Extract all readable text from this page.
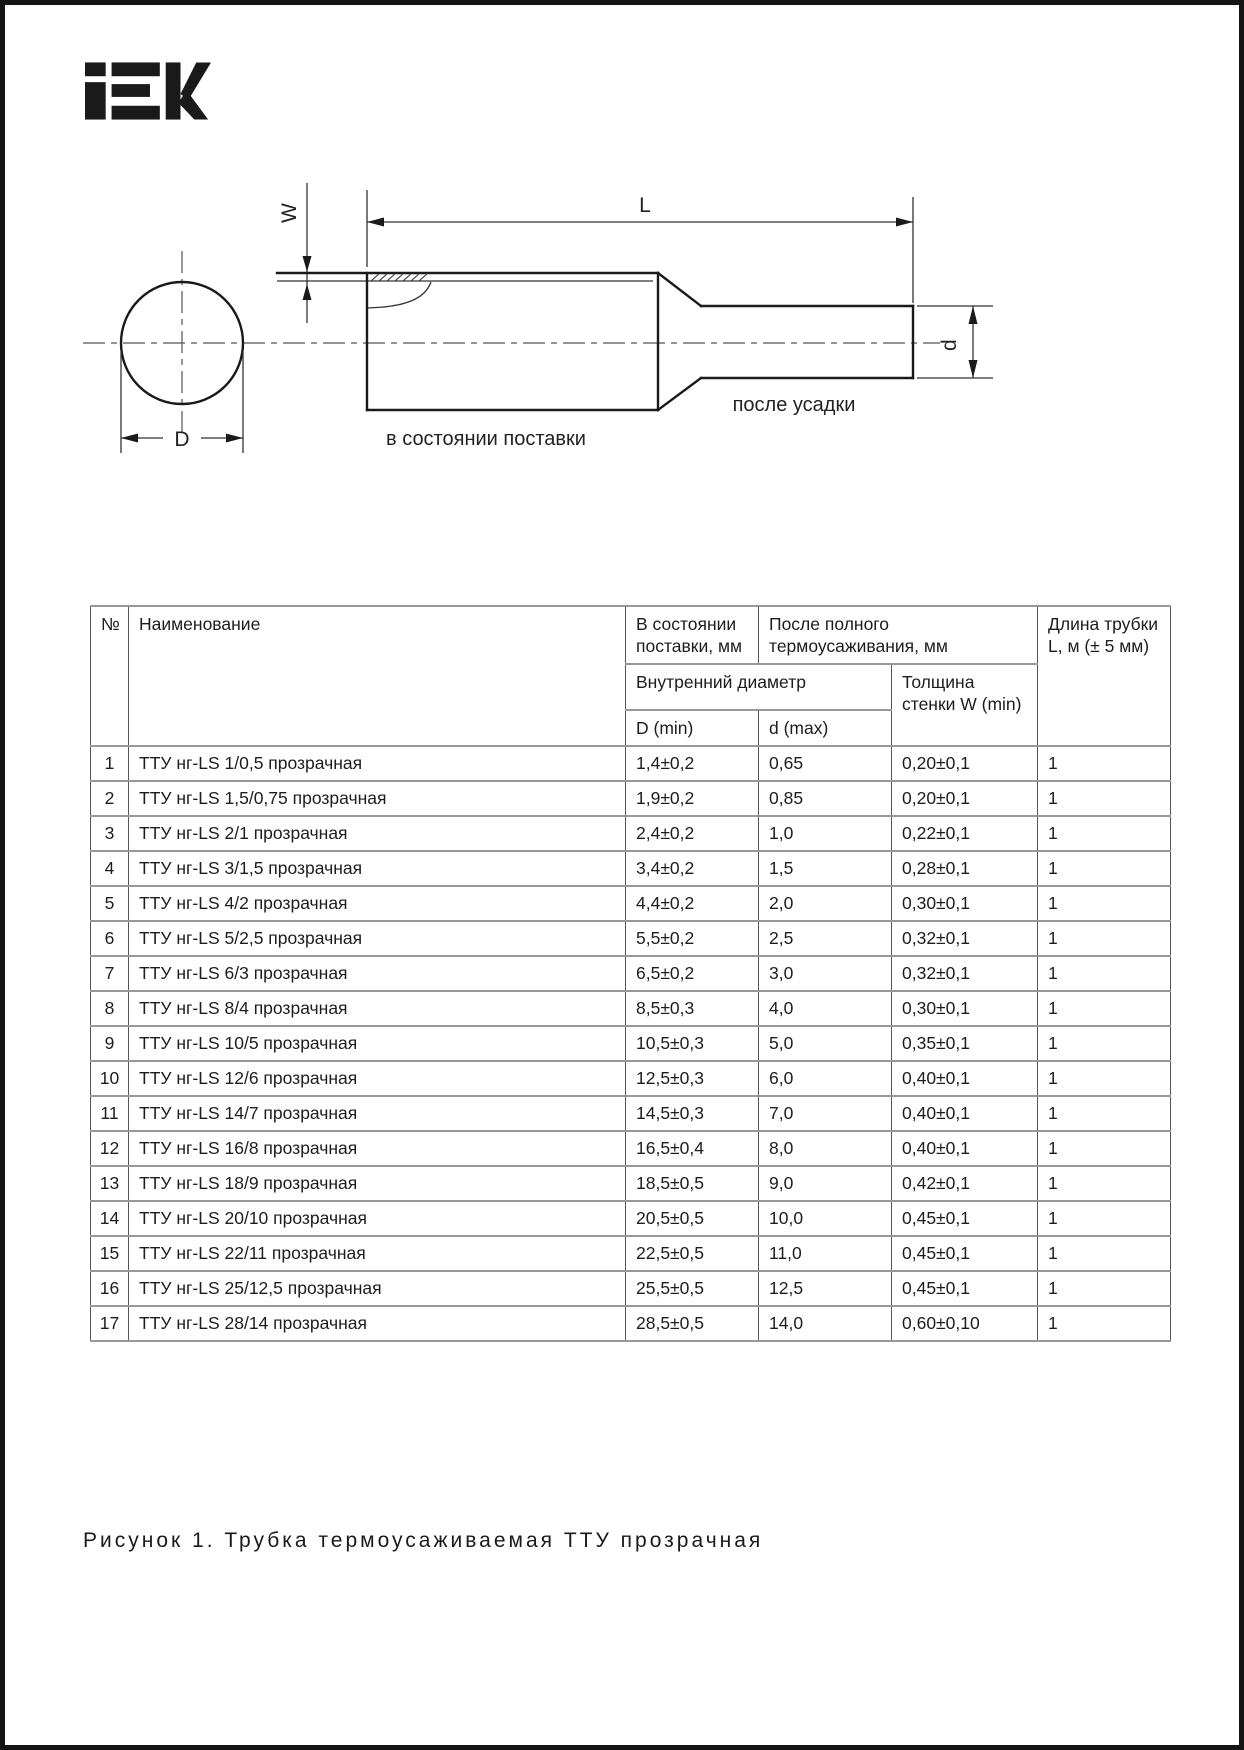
D
W	L
d
в состоянии поставки
после усадки
№	Наименование	В состоянии поставки, мм	После полного термоусаживания, мм		Длина трубки L, м (± 5 мм)
		Внутренний диаметр		Толщина стенки W (min)	
		D (min)	d (max)		
1	ТТУ нг-LS 1/0,5 прозрачная	1,4±0,2	0,65	0,20±0,1	1
2	ТТУ нг-LS 1,5/0,75 прозрачная	1,9±0,2	0,85	0,20±0,1	1
3	ТТУ нг-LS 2/1 прозрачная	2,4±0,2	1,0	0,22±0,1	1
4	ТТУ нг-LS 3/1,5 прозрачная	3,4±0,2	1,5	0,28±0,1	1
5	ТТУ нг-LS 4/2 прозрачная	4,4±0,2	2,0	0,30±0,1	1
6	ТТУ нг-LS 5/2,5 прозрачная	5,5±0,2	2,5	0,32±0,1	1
7	ТТУ нг-LS 6/3 прозрачная	6,5±0,2	3,0	0,32±0,1	1
8	ТТУ нг-LS 8/4 прозрачная	8,5±0,3	4,0	0,30±0,1	1
9	ТТУ нг-LS 10/5 прозрачная	10,5±0,3	5,0	0,35±0,1	1
10	ТТУ нг-LS 12/6 прозрачная	12,5±0,3	6,0	0,40±0,1	1
11	ТТУ нг-LS 14/7 прозрачная	14,5±0,3	7,0	0,40±0,1	1
12	ТТУ нг-LS 16/8 прозрачная	16,5±0,4	8,0	0,40±0,1	1
13	ТТУ нг-LS 18/9 прозрачная	18,5±0,5	9,0	0,42±0,1	1
14	ТТУ нг-LS 20/10 прозрачная	20,5±0,5	10,0	0,45±0,1	1
15	ТТУ нг-LS 22/11 прозрачная	22,5±0,5	11,0	0,45±0,1	1
16	ТТУ нг-LS 25/12,5 прозрачная	25,5±0,5	12,5	0,45±0,1	1
17	ТТУ нг-LS 28/14 прозрачная	28,5±0,5	14,0	0,60±0,10	1
Рисунок 1. Трубка термоусаживаемая ТТУ прозрачная
